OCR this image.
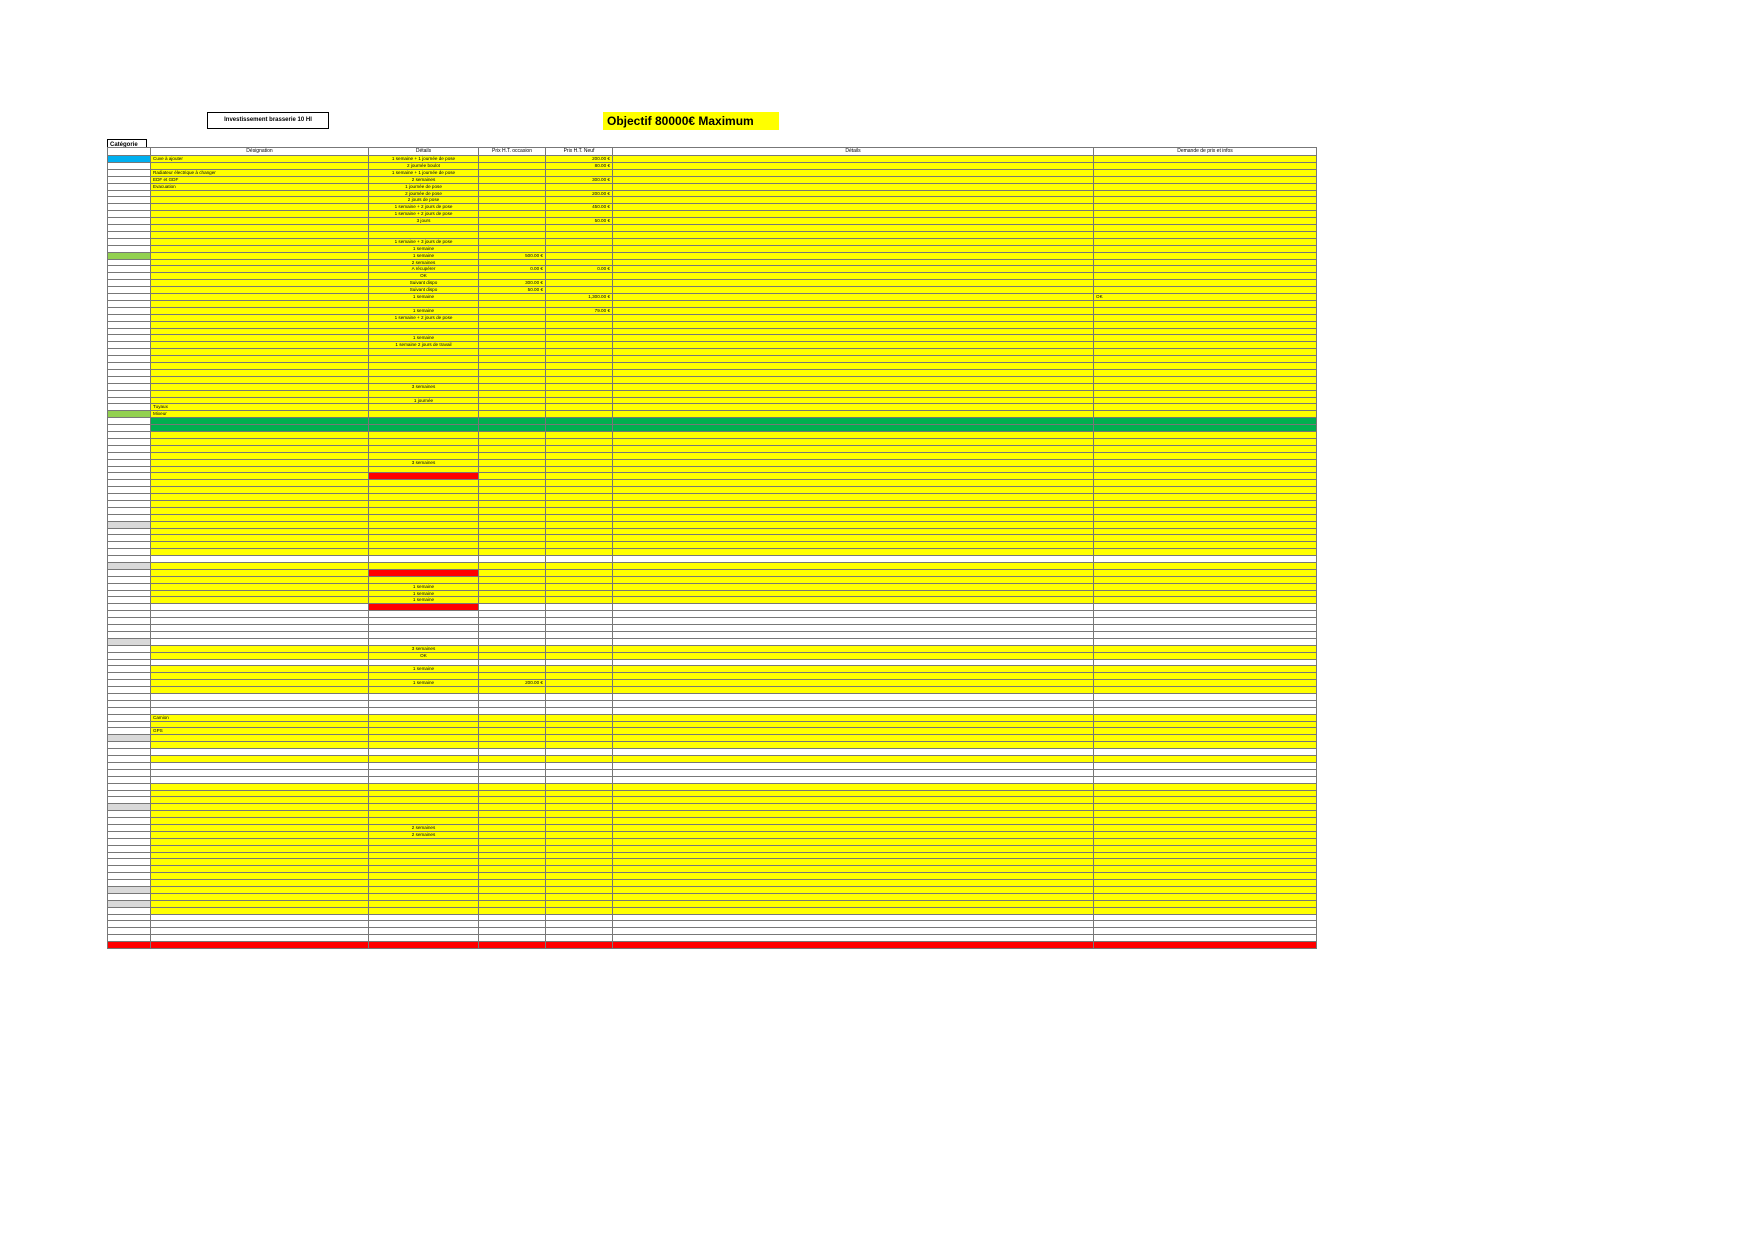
Investissement brasserie 10 Hl	Objectif 80000€ Maximum
Catégorie
	Désignation	Détails	Prix H.T. occasion	Prix H.T. Neuf	Détails	Demande de prix et infos
	Cuve à ajouter	1 semaine + 1 journée de pose		200.00 €		
		2 journée boulot		80.00 €		
	Radiateur électrique à changer	1 semaine + 1 journée de pose				
	EDF et GDF	2 semaines		300.00 €		
	Evacuation	1 journée de pose				
		2 journée de pose		200.00 €		
		2 jours de pose				
		1 semaine + 2 jours de pose		450.00 €		
		1 semaine + 2 jours de pose				
		3 jours		50.00 €		

		1 semaine + 3 jours de pose				
		1 semaine				
		1 semaine	500.00 €			
		2 semaines				
		A récupérer	0.00 €	0.00 €		
		OK				
		Suivant dispo	300.00 €			
		Suivant dispo	50.00 €			
		1 semaine		1,300.00 €		OK

		1 semaine		79.00 €		
		1 semaine + 2 jours de pose				

		1 semaine				
		1 semaine 2 jours de travail				

		3 semaines				

		1 journée				
	Tuyaux					
	Mixeur					

		3 semaines				

		1 semaine				
		1 semaine				
		1 semaine				

		3 semaines				
		OK				

		1 semaine				

		1 semaine	200.00 €			

	Camion					

	GPS					

		2 semaines				
		2 semaines				
